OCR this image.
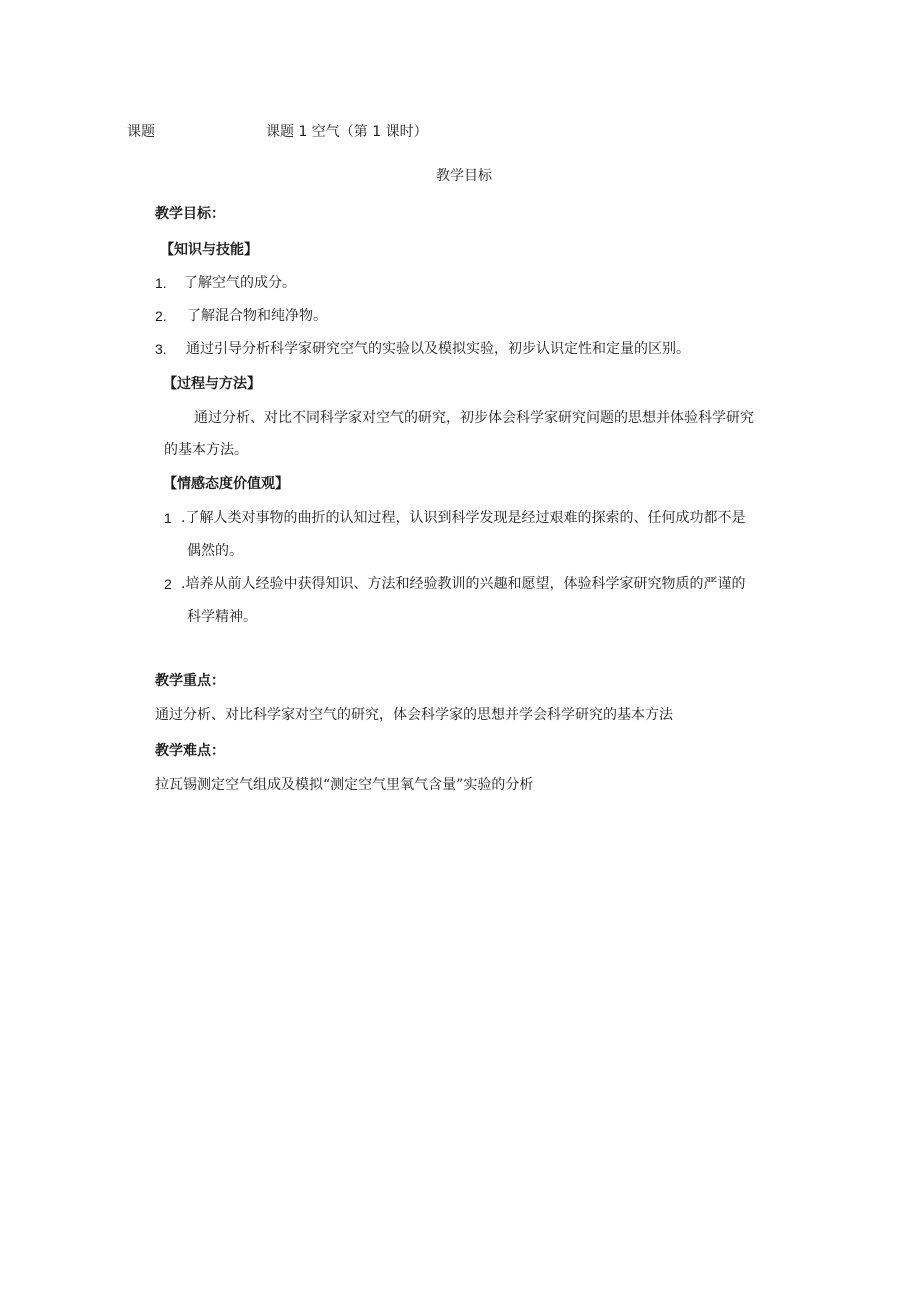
课题	课题 1 空气（第 1 课时）
教学目标
教学目标：
【知识与技能】
1. 了解空气的成分。
2. 了解混合物和纯净物。
3. 通过引导分析科学家研究空气的实验以及模拟实验，初步认识定性和定量的区别。
【过程与方法】
通过分析、对比不同科学家对空气的研究，初步体会科学家研究问题的思想并体验科学研究
的基本方法。
【情感态度价值观】
1 .了解人类对事物的曲折的认知过程，认识到科学发现是经过艰难的探索的、任何成功都不是
偶然的。
2 .培养从前人经验中获得知识、方法和经验教训的兴趣和愿望，体验科学家研究物质的严谨的
科学精神。
教学重点：
通过分析、对比科学家对空气的研究，体会科学家的思想并学会科学研究的基本方法
教学难点：
拉瓦锡测定空气组成及模拟“测定空气里氧气含量”实验的分析
